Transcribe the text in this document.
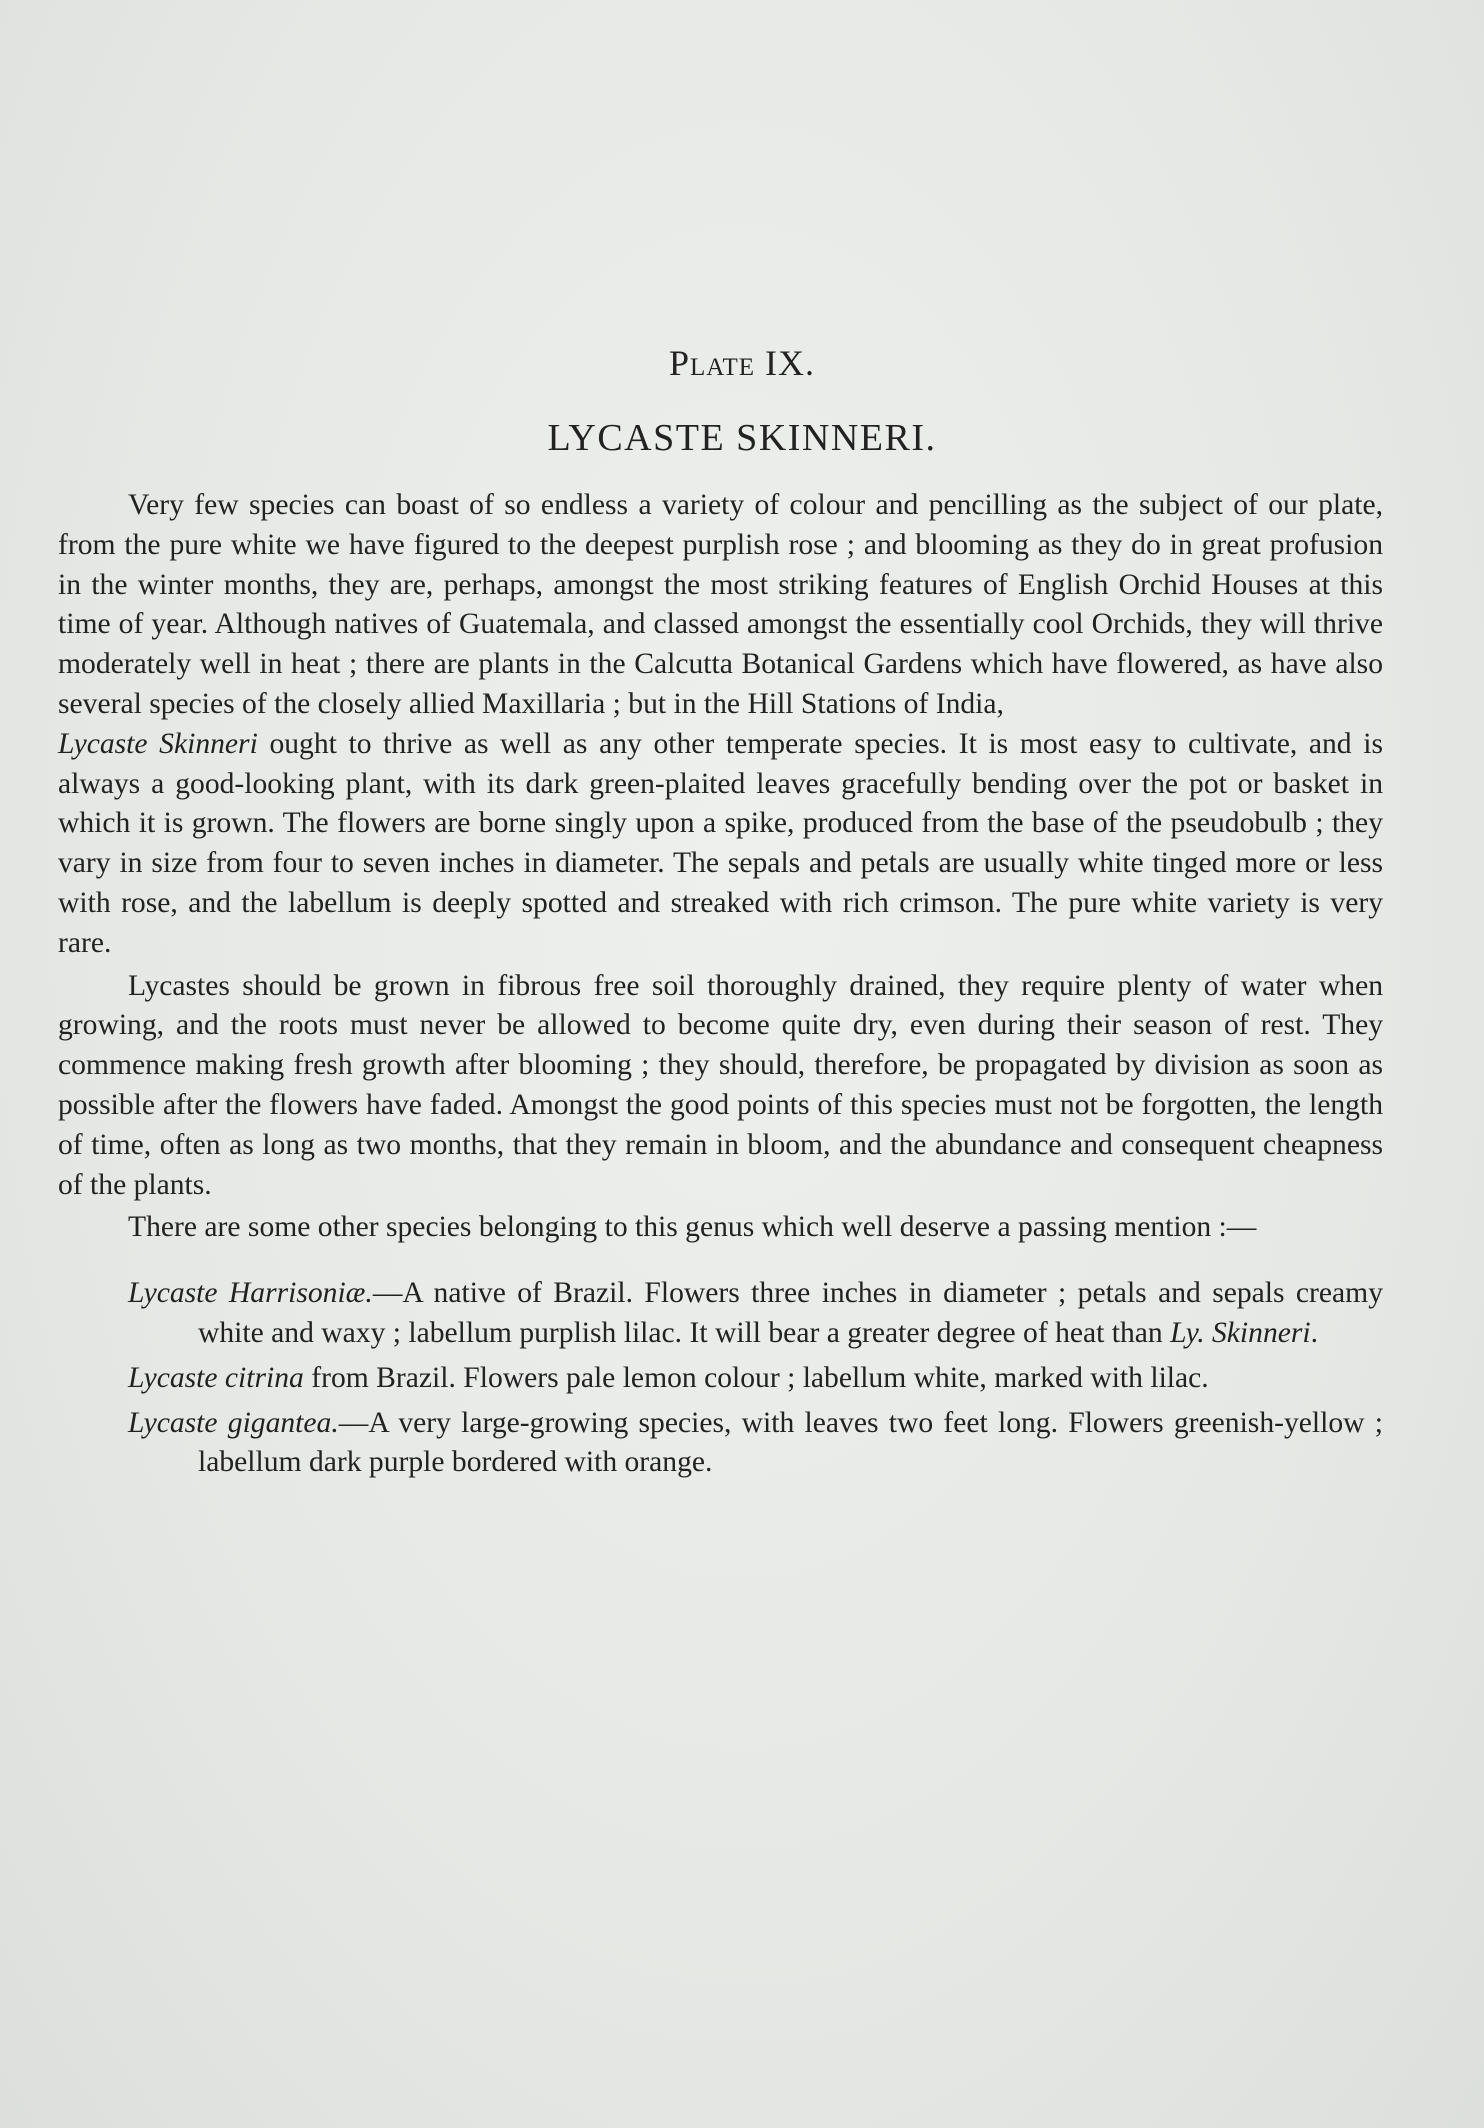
Plate IX.
LYCASTE SKINNERI.

Very few species can boast of so endless a variety of colour and pencilling as the subject of our plate, from the pure white we have figured to the deepest purplish rose ; and blooming as they do in great profusion in the winter months, they are, perhaps, amongst the most striking features of English Orchid Houses at this time of year. Although natives of Guatemala, and classed amongst the essentially cool Orchids, they will thrive moderately well in heat ; there are plants in the Calcutta Botanical Gardens which have flowered, as have also several species of the closely allied Maxillaria ; but in the Hill Stations of India,
Lycaste Skinneri ought to thrive as well as any other temperate species. It is most easy to cultivate, and is always a good-looking plant, with its dark green-plaited leaves gracefully bending over the pot or basket in which it is grown. The flowers are borne singly upon a spike, produced from the base of the pseudobulb ; they vary in size from four to seven inches in diameter. The sepals and petals are usually white tinged more or less with rose, and the labellum is deeply spotted and streaked with rich crimson. The pure white variety is very rare.

Lycastes should be grown in fibrous free soil thoroughly drained, they require plenty of water when growing, and the roots must never be allowed to become quite dry, even during their season of rest. They commence making fresh growth after blooming ; they should, therefore, be propagated by division as soon as possible after the flowers have faded. Amongst the good points of this species must not be forgotten, the length of time, often as long as two months, that they remain in bloom, and the abundance and consequent cheapness of the plants.

There are some other species belonging to this genus which well deserve a passing mention :—

Lycaste Harrisoniæ.—A native of Brazil. Flowers three inches in diameter ; petals and sepals creamy white and waxy ; labellum purplish lilac. It will bear a greater degree of heat than Ly. Skinneri.

Lycaste citrina from Brazil. Flowers pale lemon colour ; labellum white, marked with lilac.

Lycaste gigantea.—A very large-growing species, with leaves two feet long. Flowers greenish-yellow ; labellum dark purple bordered with orange.
